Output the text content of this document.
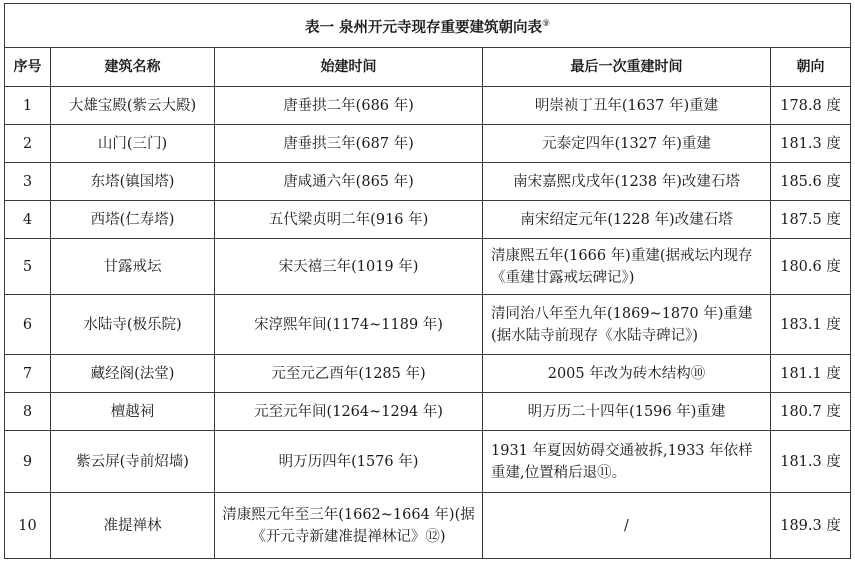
表一 泉州开元寺现存重要建筑朝向表⑨
序号	建筑名称	始建时间	最后一次重建时间	朝向
1	大雄宝殿(紫云大殿)	唐垂拱二年(686 年)	明崇祯丁丑年(1637 年)重建	178.8 度
2	山门(三门)	唐垂拱三年(687 年)	元泰定四年(1327 年)重建	181.3 度
3	东塔(镇国塔)	唐咸通六年(865 年)	南宋嘉熙戊戌年(1238 年)改建石塔	185.6 度
4	西塔(仁寿塔)	五代梁贞明二年(916 年)	南宋绍定元年(1228 年)改建石塔	187.5 度
5	甘露戒坛	宋天禧三年(1019 年)	清康熙五年(1666 年)重建(据戒坛内现存《重建甘露戒坛碑记》)	180.6 度
6	水陆寺(极乐院)	宋淳熙年间(1174~1189 年)	清同治八年至九年(1869~1870 年)重建(据水陆寺前现存《水陆寺碑记》)	183.1 度
7	藏经阁(法堂)	元至元乙酉年(1285 年)	2005 年改为砖木结构⑩	181.1 度
8	檀越祠	元至元年间(1264~1294 年)	明万历二十四年(1596 年)重建	180.7 度
9	紫云屏(寺前炤墙)	明万历四年(1576 年)	1931 年夏因妨碍交通被拆,1933 年依样重建,位置稍后退⑪。	181.3 度
10	准提禅林	清康熙元年至三年(1662~1664 年)(据《开元寺新建准提禅林记》⑫)	/	189.3 度
